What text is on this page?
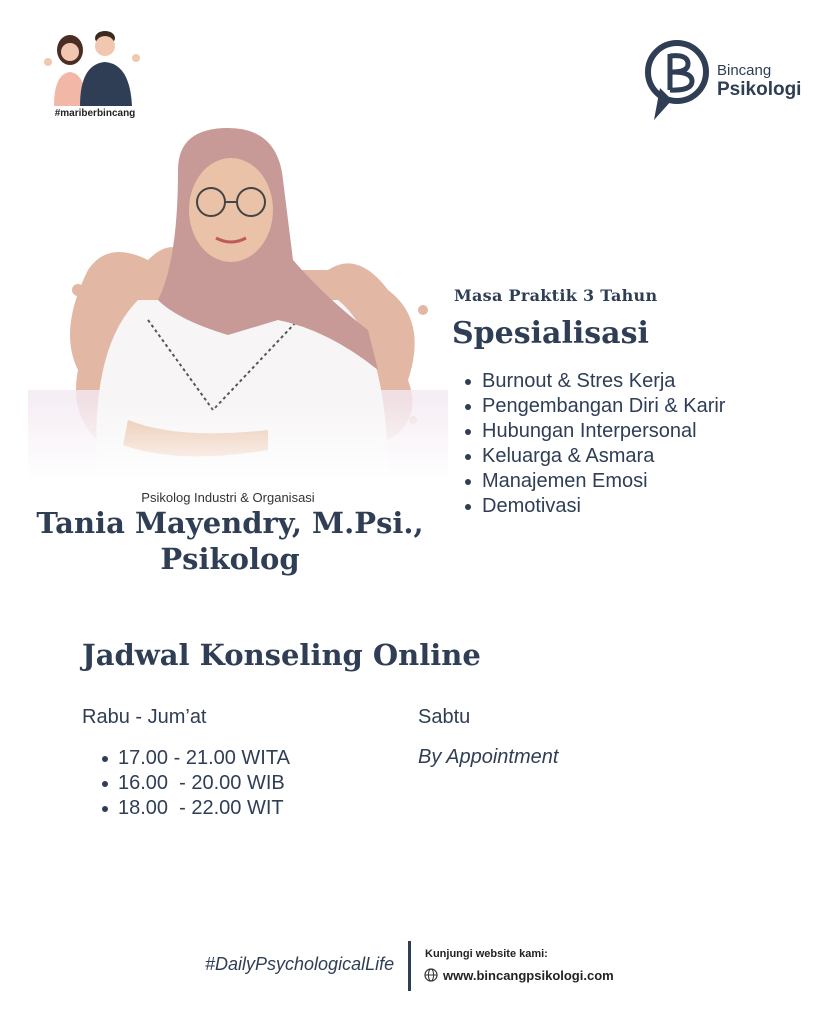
#mariberbincang
Bincang
Psikologi
Psikolog Industri & Organisasi
Tania Mayendry, M.Psi.,
Psikolog
Masa Praktik 3 Tahun
Spesialisasi
Burnout & Stres Kerja
Pengembangan Diri & Karir
Hubungan Interpersonal
Keluarga & Asmara
Manajemen Emosi
Demotivasi
Jadwal Konseling Online
Rabu - Jum’at	Sabtu
17.00 - 21.00 WITA
16.00  - 20.00 WIB
18.00  - 22.00 WIT
By Appointment
#DailyPsychologicalLife	Kunjungi website kami:
www.bincangpsikologi.com
